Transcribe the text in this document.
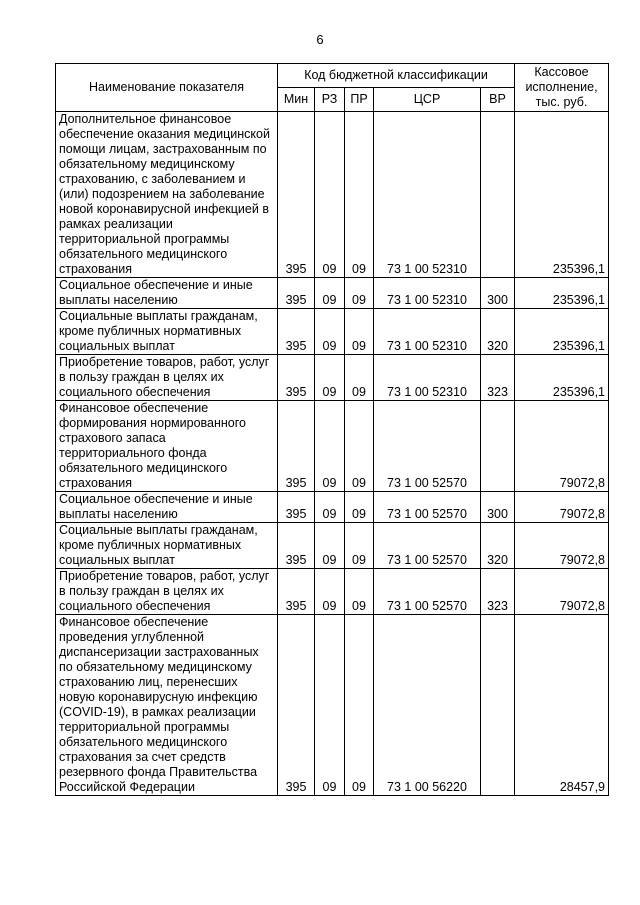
6
Наименование показателя	Код бюджетной классификации					Кассовое исполнение, тыс. руб.
	Мин	РЗ	ПР	ЦСР	ВР	
Дополнительное финансовое обеспечение оказания медицинской помощи лицам, застрахованным по обязательному медицинскому страхованию, с заболеванием и (или) подозрением на заболевание новой коронавирусной инфекцией в рамках реализации территориальной программы обязательного медицинского страхования	395	09	09	73 1 00 52310		235396,1
Социальное обеспечение и иные выплаты населению	395	09	09	73 1 00 52310	300	235396,1
Социальные выплаты гражданам, кроме публичных нормативных социальных выплат	395	09	09	73 1 00 52310	320	235396,1
Приобретение товаров, работ, услуг в пользу граждан в целях их социального обеспечения	395	09	09	73 1 00 52310	323	235396,1
Финансовое обеспечение формирования нормированного страхового запаса территориального фонда обязательного медицинского страхования	395	09	09	73 1 00 52570		79072,8
Социальное обеспечение и иные выплаты населению	395	09	09	73 1 00 52570	300	79072,8
Социальные выплаты гражданам, кроме публичных нормативных социальных выплат	395	09	09	73 1 00 52570	320	79072,8
Приобретение товаров, работ, услуг в пользу граждан в целях их социального обеспечения	395	09	09	73 1 00 52570	323	79072,8
Финансовое обеспечение проведения углубленной диспансеризации застрахованных по обязательному медицинскому страхованию лиц, перенесших новую коронавирусную инфекцию (COVID-19), в рамках реализации территориальной программы обязательного медицинского страхования за счет средств резервного фонда Правительства Российской Федерации	395	09	09	73 1 00 56220		28457,9
